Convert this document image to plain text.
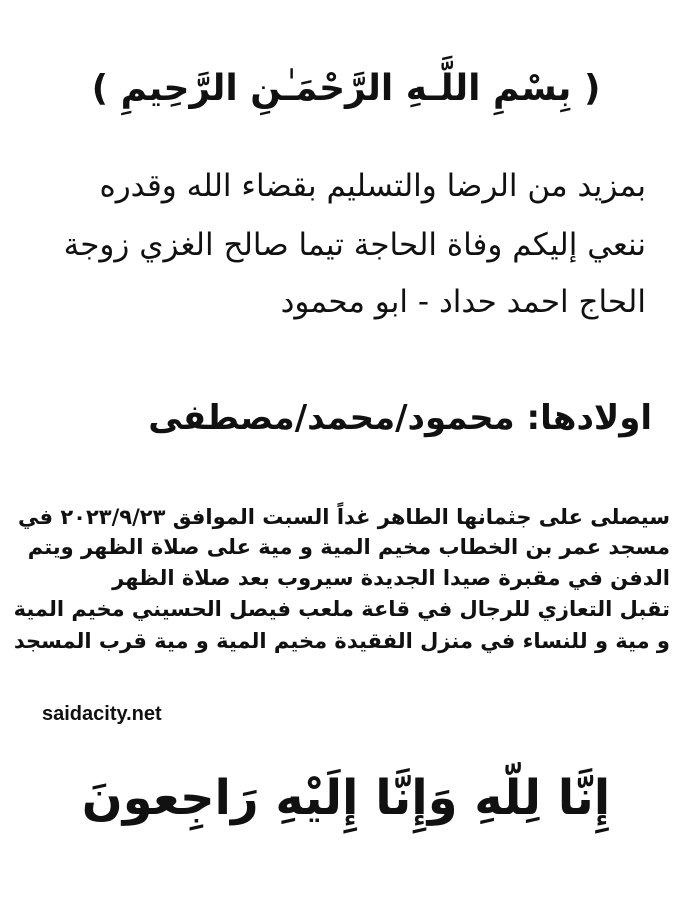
( بِسْمِ اللَّـهِ الرَّحْمَـٰنِ الرَّحِيمِ )
بمزيد من الرضا والتسليم بقضاء الله وقدره
ننعي إليكم وفاة الحاجة تيما صالح الغزي زوجة
الحاج احمد حداد - ابو محمود
اولادها: محمود/محمد/مصطفى
سيصلى على جثمانها الطاهر غداً السبت الموافق ٢٠٢٣/٩/٢٣ في
مسجد عمر بن الخطاب مخيم المية و مية على صلاة الظهر ويتم
الدفن في مقبرة صيدا الجديدة سيروب بعد صلاة الظهر
تقبل التعازي للرجال في قاعة ملعب فيصل الحسيني مخيم المية
و مية و للنساء في منزل الفقيدة مخيم المية و مية قرب المسجد
saidacity.net
إِنَّا لِلّهِ وَإِنَّا إِلَيْهِ رَاجِعونَ
